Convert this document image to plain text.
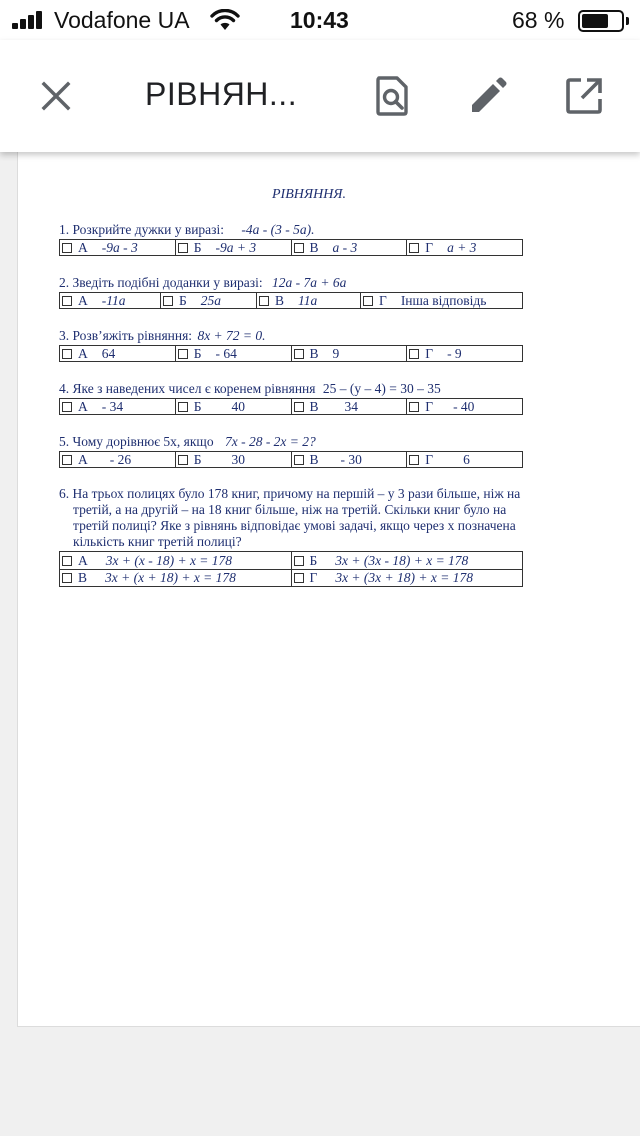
Vodafone UA	10:43	68 %
РІВНЯН...
РІВНЯННЯ.
1. Розкрийте дужки у виразі: -4a - (3 - 5a).
А -9a - 3	Б -9a + 3	В a - 3	Г a + 3
2. Зведіть подібні доданки у виразі: 12a - 7a + 6a
А -11a	Б 25a	В 11a	Г Інша відповідь
3. Розв’яжіть рівняння: 8x + 72 = 0.
А 64	Б - 64	В 9	Г - 9
4. Яке з наведених чисел є коренем рівняння 25 – (y – 4) = 30 – 35
А - 34	Б 40	В 34	Г - 40
5. Чому дорівнює 5x, якщо 7x - 28 - 2x = 2?
А - 26	Б 30	В - 30	Г 6
6. На трьох полицях було 178 книг, причому на першій – у 3 рази більше, ніж на
третій, а на другій – на 18 книг більше, ніж на третій. Скільки книг було на
третій полиці? Яке з рівнянь відповідає умові задачі, якщо через x позначена
кількість книг третій полиці?
А 3x + (x - 18) + x = 178	Б 3x + (3x - 18) + x = 178
В 3x + (x + 18) + x = 178	Г 3x + (3x + 18) + x = 178
